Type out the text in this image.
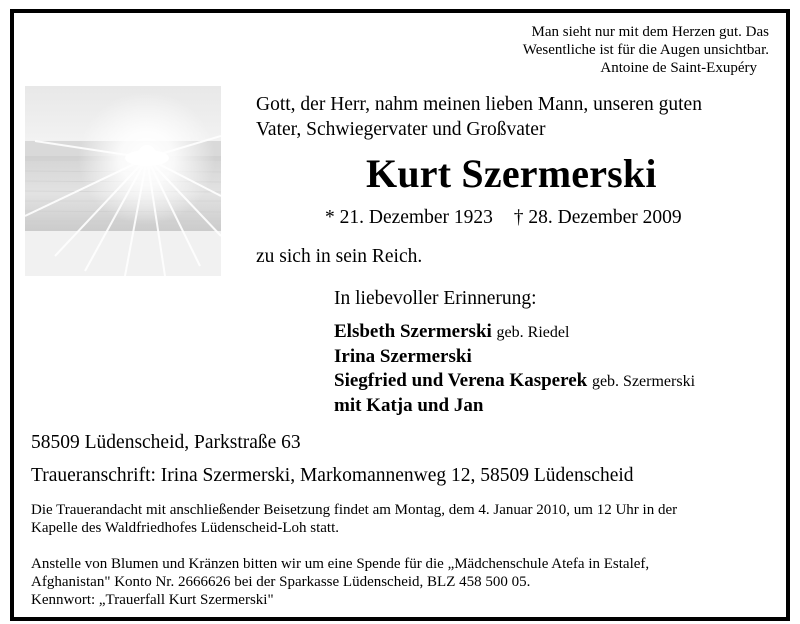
Man sieht nur mit dem Herzen gut. Das
Wesentliche ist für die Augen unsichtbar.
Antoine de Saint-Exupéry
Gott, der Herr, nahm meinen lieben Mann, unseren guten
Vater, Schwiegervater und Großvater
Kurt Szermerski
* 21. Dezember 1923 † 28. Dezember 2009
zu sich in sein Reich.
In liebevoller Erinnerung:
Elsbeth Szermerski geb. Riedel
Irina Szermerski
Siegfried und Verena Kasperek geb. Szermerski
mit Katja und Jan
58509 Lüdenscheid, Parkstraße 63
Traueranschrift: Irina Szermerski, Markomannenweg 12, 58509 Lüdenscheid
Die Trauerandacht mit anschließender Beisetzung findet am Montag, dem 4. Januar 2010, um 12 Uhr in der
Kapelle des Waldfriedhofes Lüdenscheid-Loh statt.
Anstelle von Blumen und Kränzen bitten wir um eine Spende für die „Mädchenschule Atefa in Estalef,
Afghanistan" Konto Nr. 2666626 bei der Sparkasse Lüdenscheid, BLZ 458 500 05.
Kennwort: „Trauerfall Kurt Szermerski"
